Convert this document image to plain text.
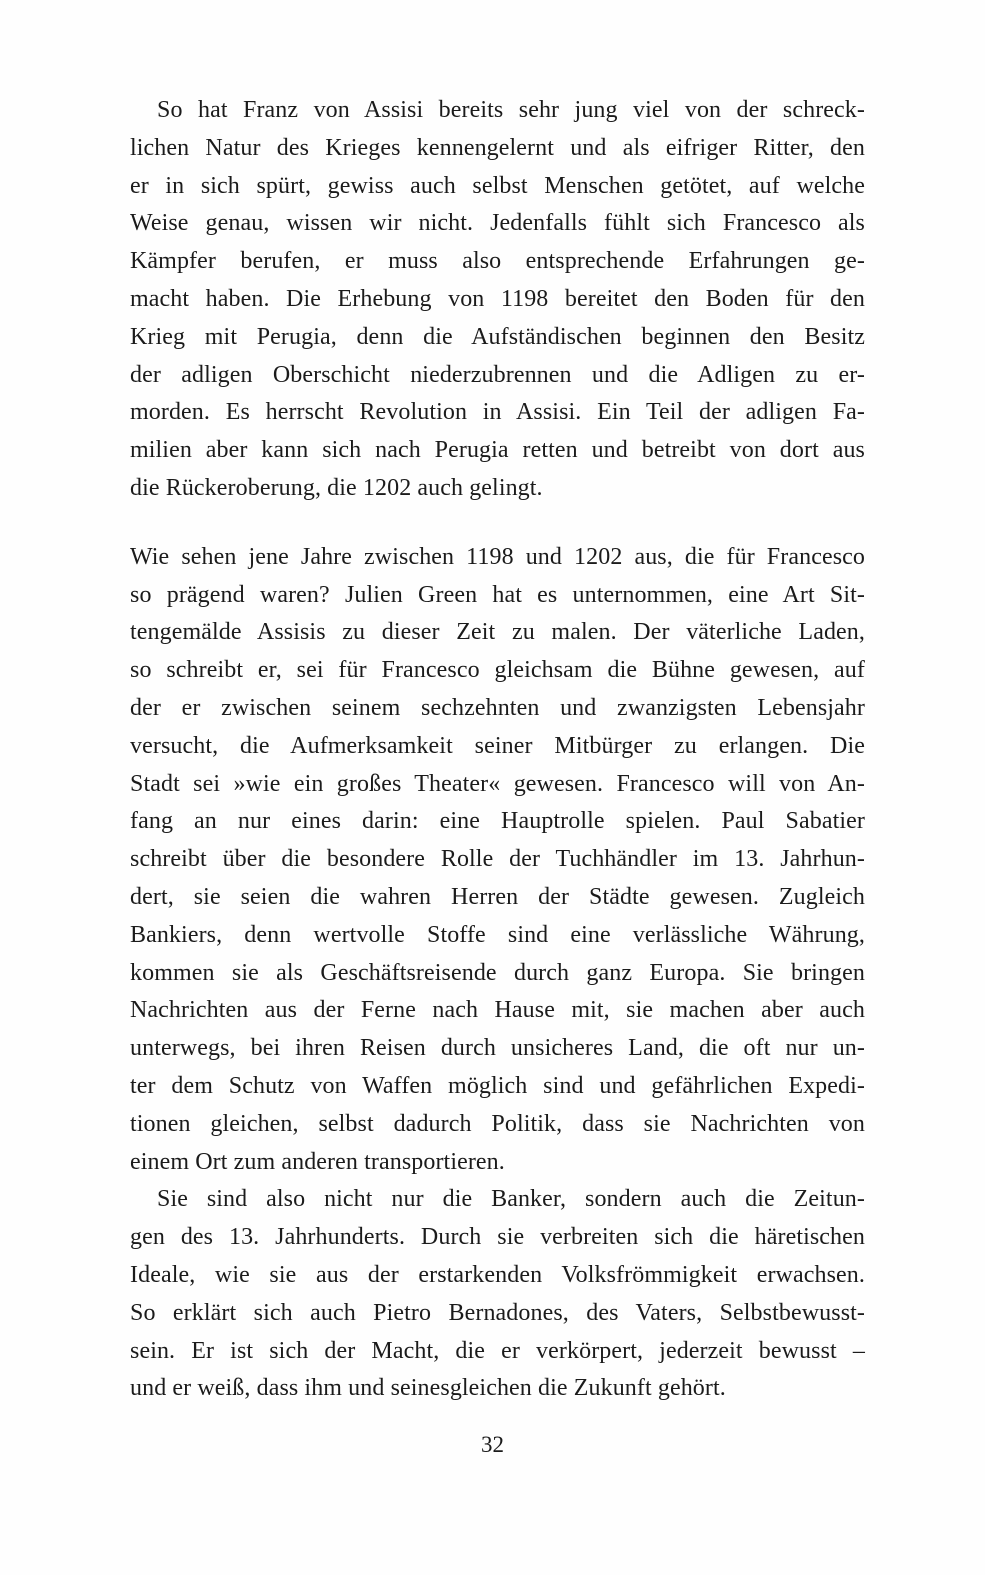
So hat Franz von Assisi bereits sehr jung viel von der schreck-
lichen Natur des Krieges kennengelernt und als eifriger Ritter, den
er in sich spürt, gewiss auch selbst Menschen getötet, auf welche
Weise genau, wissen wir nicht. Jedenfalls fühlt sich Francesco als
Kämpfer berufen, er muss also entsprechende Erfahrungen ge-
macht haben. Die Erhebung von 1198 bereitet den Boden für den
Krieg mit Perugia, denn die Aufständischen beginnen den Besitz
der adligen Oberschicht niederzubrennen und die Adligen zu er-
morden. Es herrscht Revolution in Assisi. Ein Teil der adligen Fa-
milien aber kann sich nach Perugia retten und betreibt von dort aus
die Rückeroberung, die 1202 auch gelingt.
Wie sehen jene Jahre zwischen 1198 und 1202 aus, die für Francesco
so prägend waren? Julien Green hat es unternommen, eine Art Sit-
tengemälde Assisis zu dieser Zeit zu malen. Der väterliche Laden,
so schreibt er, sei für Francesco gleichsam die Bühne gewesen, auf
der er zwischen seinem sechzehnten und zwanzigsten Lebensjahr
versucht, die Aufmerksamkeit seiner Mitbürger zu erlangen. Die
Stadt sei »wie ein großes Theater« gewesen. Francesco will von An-
fang an nur eines darin: eine Hauptrolle spielen. Paul Sabatier
schreibt über die besondere Rolle der Tuchhändler im 13. Jahrhun-
dert, sie seien die wahren Herren der Städte gewesen. Zugleich
Bankiers, denn wertvolle Stoffe sind eine verlässliche Währung,
kommen sie als Geschäftsreisende durch ganz Europa. Sie bringen
Nachrichten aus der Ferne nach Hause mit, sie machen aber auch
unterwegs, bei ihren Reisen durch unsicheres Land, die oft nur un-
ter dem Schutz von Waffen möglich sind und gefährlichen Expedi-
tionen gleichen, selbst dadurch Politik, dass sie Nachrichten von
einem Ort zum anderen transportieren.
Sie sind also nicht nur die Banker, sondern auch die Zeitun-
gen des 13. Jahrhunderts. Durch sie verbreiten sich die häretischen
Ideale, wie sie aus der erstarkenden Volksfrömmigkeit erwachsen.
So erklärt sich auch Pietro Bernadones, des Vaters, Selbstbewusst-
sein. Er ist sich der Macht, die er verkörpert, jederzeit bewusst –
und er weiß, dass ihm und seinesgleichen die Zukunft gehört.
32
